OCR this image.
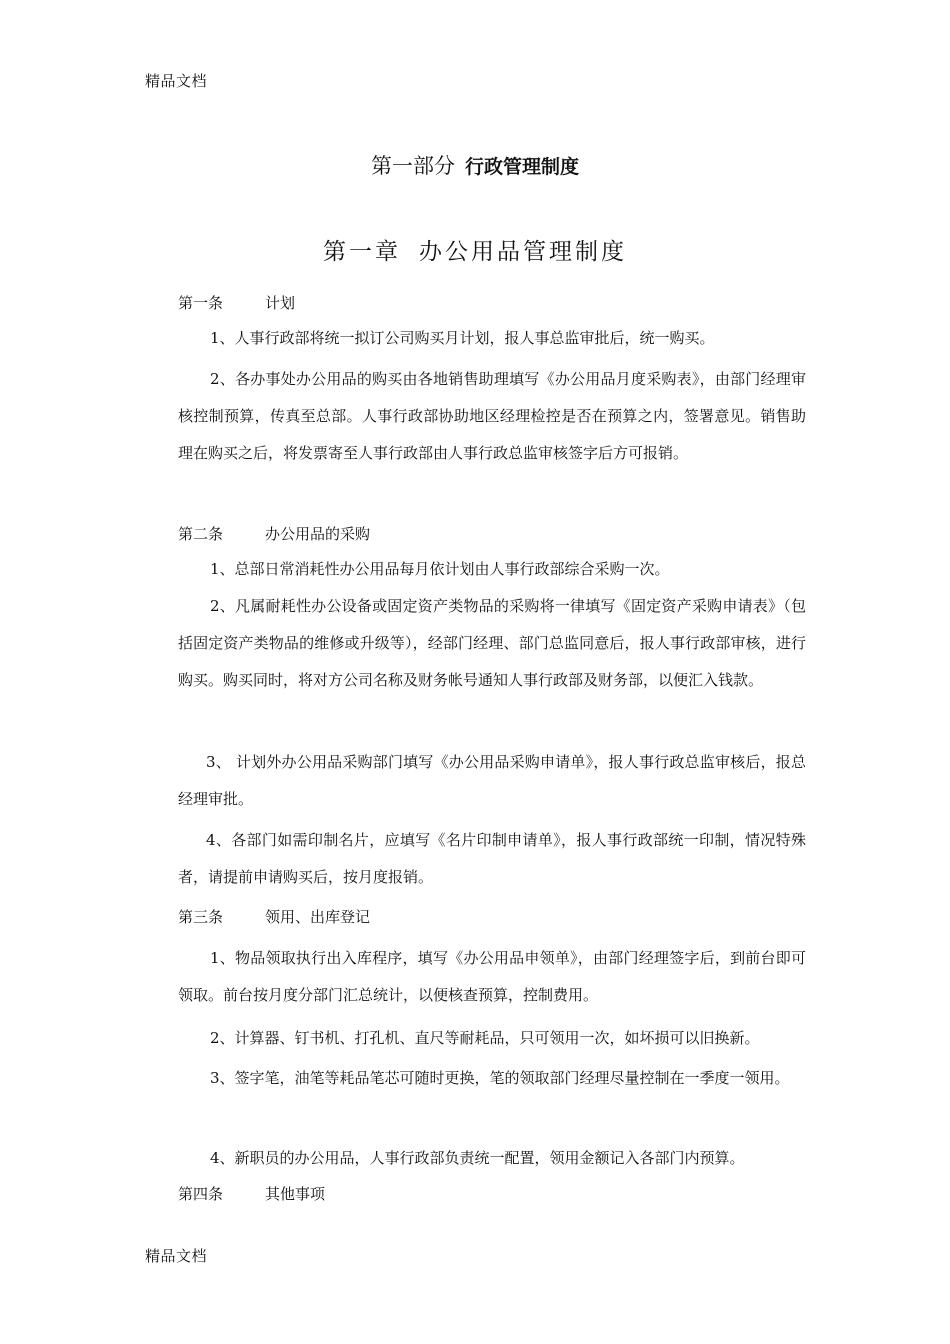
精品文档
第一部分 行政管理制度
第一章 办公用品管理制度
第一条	计划
1、人事行政部将统一拟订公司购买月计划，报人事总监审批后，统一购买。
2、各办事处办公用品的购买由各地销售助理填写《办公用品月度采购表》，由部门经理审核控制预算，传真至总部。人事行政部协助地区经理检控是否在预算之内，签署意见。销售助理在购买之后，将发票寄至人事行政部由人事行政总监审核签字后方可报销。
第二条	办公用品的采购
1、总部日常消耗性办公用品每月依计划由人事行政部综合采购一次。
2、凡属耐耗性办公设备或固定资产类物品的采购将一律填写《固定资产采购申请表》（包括固定资产类物品的维修或升级等），经部门经理、部门总监同意后，报人事行政部审核，进行购买。购买同时，将对方公司名称及财务帐号通知人事行政部及财务部，以便汇入钱款。
3、 计划外办公用品采购部门填写《办公用品采购申请单》，报人事行政总监审核后，报总经理审批。
4、各部门如需印制名片，应填写《名片印制申请单》，报人事行政部统一印制，情况特殊者，请提前申请购买后，按月度报销。
第三条	领用、出库登记
1、物品领取执行出入库程序，填写《办公用品申领单》，由部门经理签字后，到前台即可领取。前台按月度分部门汇总统计，以便核查预算，控制费用。
2、计算器、钉书机、打孔机、直尺等耐耗品，只可领用一次，如坏损可以旧换新。
3、签字笔，油笔等耗品笔芯可随时更换，笔的领取部门经理尽量控制在一季度一领用。
4、新职员的办公用品，人事行政部负责统一配置，领用金额记入各部门内预算。
第四条	其他事项
精品文档
